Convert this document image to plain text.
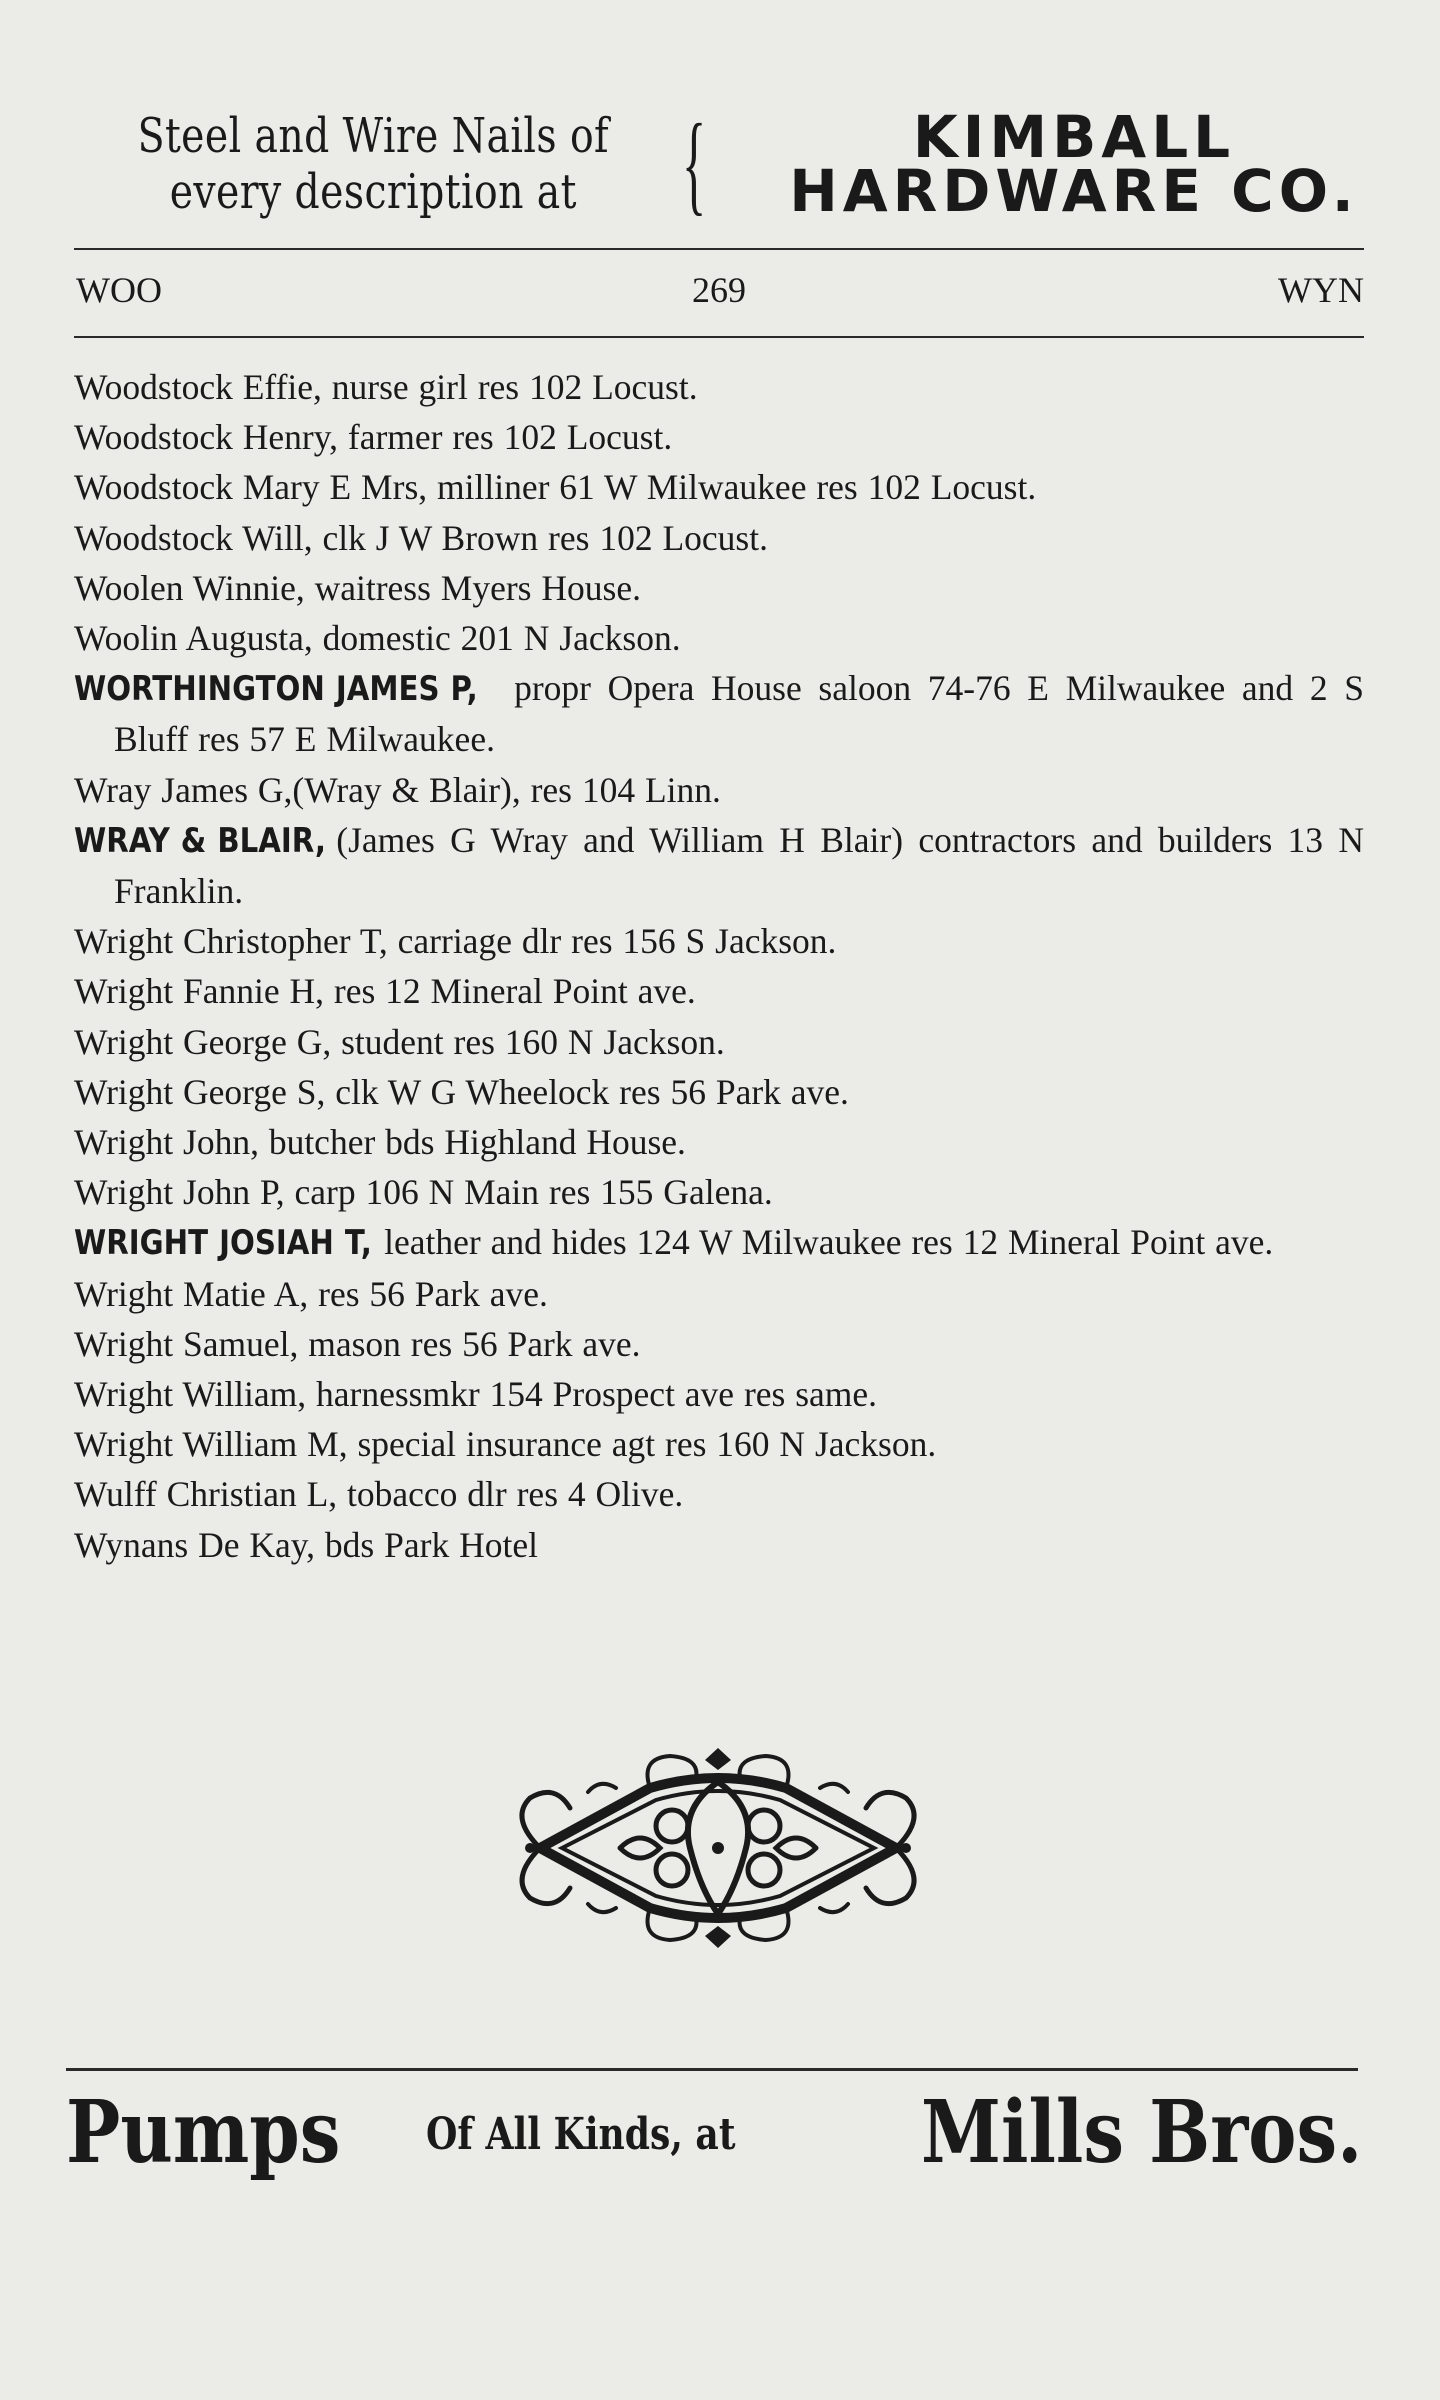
Steel and Wire Nails of
every description at {	KIMBALL
HARDWARE CO.
WOO	269	WYN

Woodstock Effie, nurse girl res 102 Locust.

Woodstock Henry, farmer res 102 Locust.

Woodstock Mary E Mrs, milliner 61 W Milwaukee res 102 Locust.

Woodstock Will, clk J W Brown res 102 Locust.

Woolen Winnie, waitress Myers House.

Woolin Augusta, domestic 201 N Jackson.

WORTHINGTON JAMES P, propr Opera House saloon 74-76 E Milwaukee and 2 S Bluff res 57 E Milwaukee.

Wray James G,(Wray & Blair), res 104 Linn.

WRAY & BLAIR, (James G Wray and William H Blair) contractors and builders 13 N Franklin.

Wright Christopher T, carriage dlr res 156 S Jackson.

Wright Fannie H, res 12 Mineral Point ave.

Wright George G, student res 160 N Jackson.

Wright George S, clk W G Wheelock res 56 Park ave.

Wright John, butcher bds Highland House.

Wright John P, carp 106 N Main res 155 Galena.

WRIGHT JOSIAH T, leather and hides 124 W Milwaukee res 12 Mineral Point ave.

Wright Matie A, res 56 Park ave.

Wright Samuel, mason res 56 Park ave.

Wright William, harnessmkr 154 Prospect ave res same.

Wright William M, special insurance agt res 160 N Jackson.

Wulff Christian L, tobacco dlr res 4 Olive.

Wynans De Kay, bds Park Hotel

Pumps Of All Kinds, at Mills Bros.
